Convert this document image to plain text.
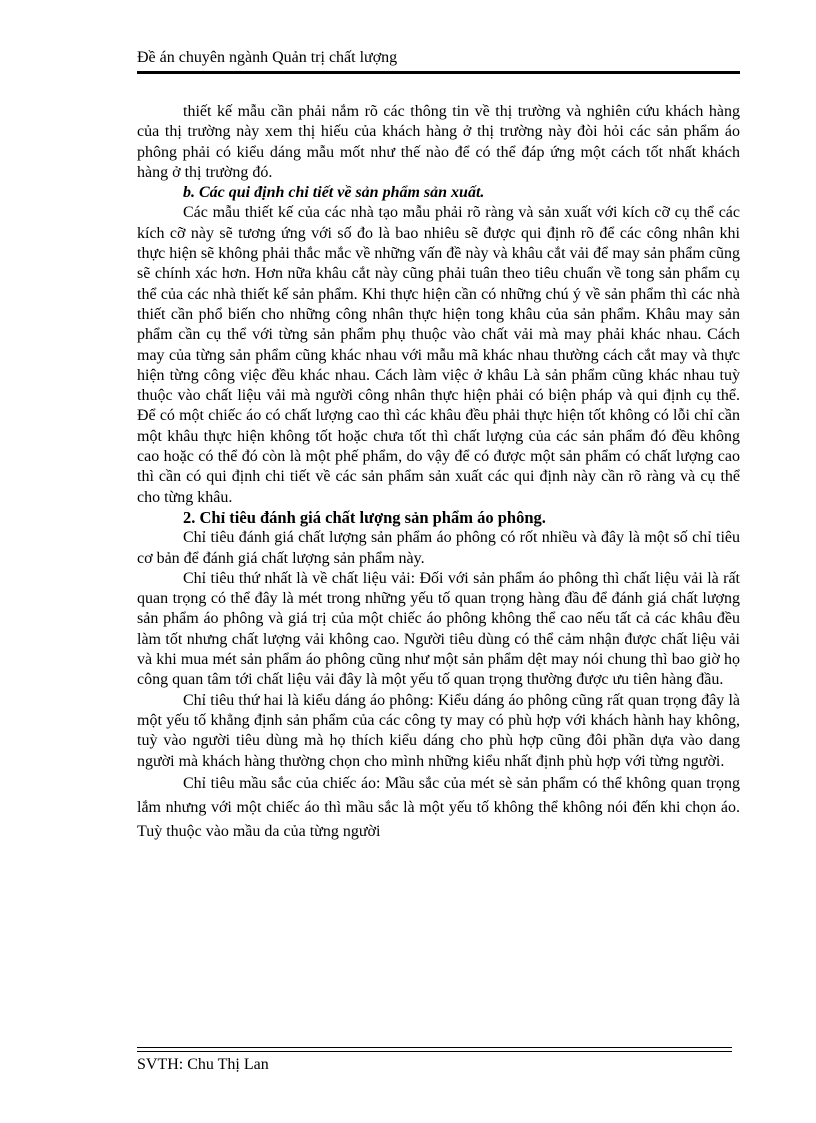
Đề án chuyên ngành Quản trị chất lượng

thiết kế mẫu cần phải nắm rõ các thông tin về thị trường và nghiên cứu khách hàng của thị trường này xem thị hiếu của khách hàng ở thị trường này đòi hỏi các sản phẩm áo phông phải có kiểu dáng mẫu mốt như thế nào để có thể đáp ứng một cách tốt nhất khách hàng ở thị trường đó.

b. Các qui định chi tiết về sản phẩm sản xuất.

Các mẫu thiết kế của các nhà tạo mẫu phải rõ ràng và sản xuất với kích cỡ cụ thể các kích cỡ này sẽ tương ứng với số đo là bao nhiêu sẽ được qui định rõ để các công nhân khi thực hiện sẽ không phải thắc mắc về những vấn đề này và khâu cắt vải để may sản phẩm cũng sẽ chính xác hơn. Hơn nữa khâu cắt này cũng phải tuân theo tiêu chuẩn về tong sản phẩm cụ thể của các nhà thiết kế sản phẩm. Khi thực hiện cần có những chú ý về sản phẩm thì các nhà thiết cần phổ biến cho những công nhân thực hiện tong khâu của sản phẩm. Khâu may sản phẩm cần cụ thể với từng sản phẩm phụ thuộc vào chất vải mà may phải khác nhau. Cách may của từng sản phẩm cũng khác nhau với mẫu mã khác nhau thường cách cắt may và thực hiện từng công việc đều khác nhau. Cách làm việc ở khâu Là sản phẩm cũng khác nhau tuỳ thuộc vào chất liệu vải mà người công nhân thực hiện phải có biện pháp và qui định cụ thể. Để có một chiếc áo có chất lượng cao thì các khâu đều phải thực hiện tốt không có lỗi chỉ cần một khâu thực hiện không tốt hoặc chưa tốt thì chất lượng của các sản phẩm đó đều không cao hoặc có thể đó còn là một phế phẩm, do vậy để có được một sản phẩm có chất lượng cao thì cần có qui định chi tiết về các sản phẩm sản xuất các qui định này cần rõ ràng và cụ thể cho từng khâu.

2. Chỉ tiêu đánh giá chất lượng sản phẩm áo phông.

Chỉ tiêu đánh giá chất lượng sản phẩm áo phông có rốt nhiều và đây là một số chỉ tiêu cơ bản để đánh giá chất lượng sản phẩm này.

Chỉ tiêu thứ nhất là về chất liệu vải: Đối với sản phẩm áo phông thì chất liệu vải là rất quan trọng có thể đây là mét trong những yếu tố quan trọng hàng đầu để đánh giá chất lượng sản phẩm áo phông và giá trị của một chiếc áo phông không thể cao nếu tất cả các khâu đều làm tốt nhưng chất lượng vải không cao. Người tiêu dùng có thể cảm nhận được chất liệu vải và khi mua mét sản phẩm áo phông cũng như một sản phẩm dệt may nói chung thì bao giờ họ công quan tâm tới chất liệu vải đây là một yếu tố quan trọng thường được ưu tiên hàng đầu.

Chỉ tiêu thứ hai là kiểu dáng áo phông: Kiểu dáng áo phông cũng rất quan trọng đây là một yếu tố khẳng định sản phẩm của các công ty may có phù hợp với khách hành hay không, tuỳ vào người tiêu dùng mà họ thích kiểu dáng cho phù hợp cũng đôi phần dựa vào dang người mà khách hàng thường chọn cho mình những kiểu nhất định phù hợp với từng người.

Chỉ tiêu mầu sắc của chiếc áo: Mầu sắc của mét sè sản phẩm có thể không quan trọng lắm nhưng với một chiếc áo thì mầu sắc là một yếu tố không thể không nói đến khi chọn áo. Tuỳ thuộc vào mầu da của từng người

SVTH: Chu Thị Lan
